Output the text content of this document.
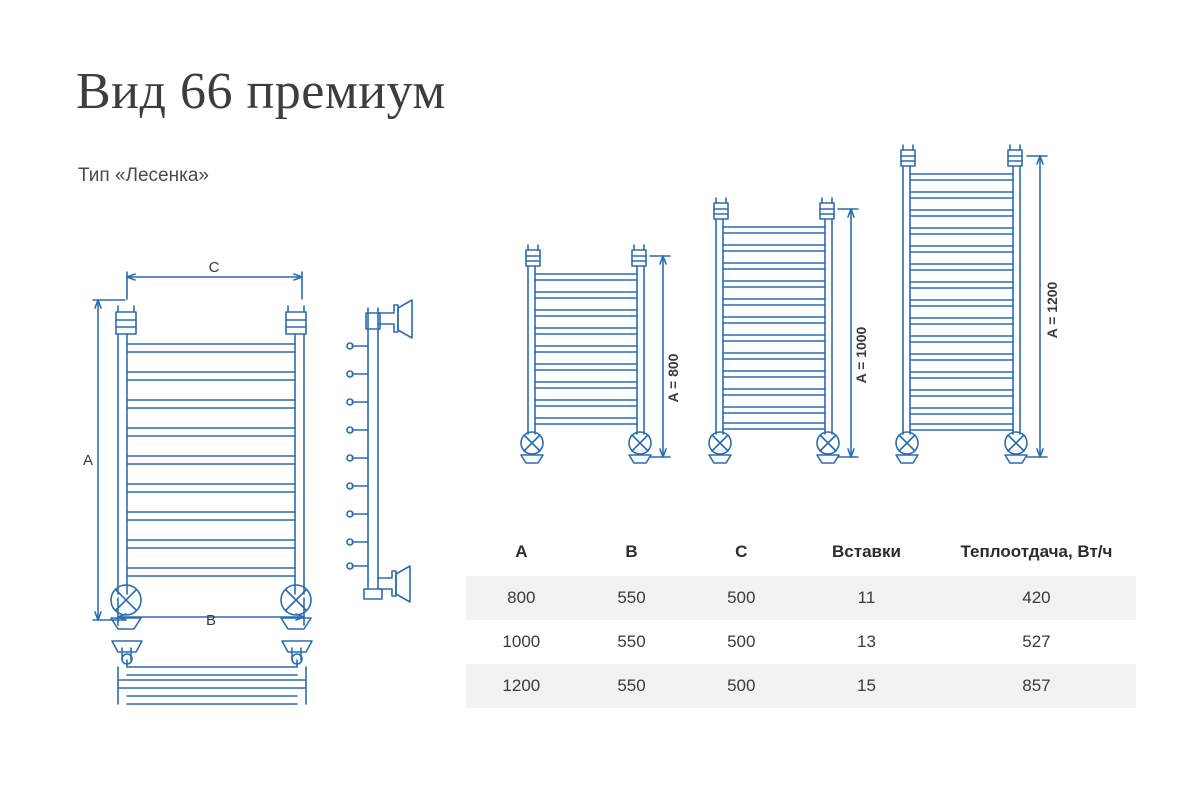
Вид 66 премиум
Тип «Лесенка»
C
A
B
A = 800	A = 1000
A = 1200
A	B	C	Вставки	Теплоотдача, Вт/ч
800	550	500	11	420
1000	550	500	13	527
1200	550	500	15	857
